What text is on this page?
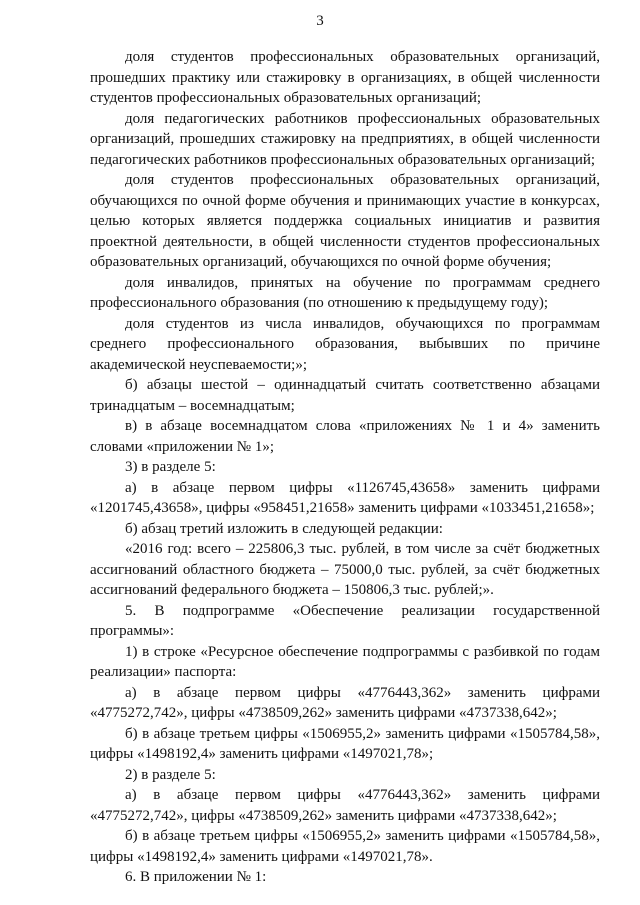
3

доля студентов профессиональных образовательных организаций, прошедших практику или стажировку в организациях, в общей численности студентов профессиональных образовательных организаций;

доля педагогических работников профессиональных образовательных организаций, прошедших стажировку на предприятиях, в общей численности педагогических работников профессиональных образовательных организаций;

доля студентов профессиональных образовательных организаций, обучающихся по очной форме обучения и принимающих участие в конкурсах, целью которых является поддержка социальных инициатив и развития проектной деятельности, в общей численности студентов профессиональных образовательных организаций, обучающихся по очной форме обучения;

доля инвалидов, принятых на обучение по программам среднего профессионального образования (по отношению к предыдущему году);

доля студентов из числа инвалидов, обучающихся по программам среднего профессионального образования, выбывших по причине академической неуспеваемости;»;

б) абзацы шестой – одиннадцатый считать соответственно абзацами тринадцатым – восемнадцатым;

в) в абзаце восемнадцатом слова «приложениях № 1 и 4» заменить словами «приложении № 1»;

3) в разделе 5:

а) в абзаце первом цифры «1126745,43658» заменить цифрами «1201745,43658», цифры «958451,21658» заменить цифрами «1033451,21658»;

б) абзац третий изложить в следующей редакции:

«2016 год: всего – 225806,3 тыс. рублей, в том числе за счёт бюджетных ассигнований областного бюджета – 75000,0 тыс. рублей, за счёт бюджетных ассигнований федерального бюджета – 150806,3 тыс. рублей;».

5. В подпрограмме «Обеспечение реализации государственной программы»:

1) в строке «Ресурсное обеспечение подпрограммы с разбивкой по годам реализации» паспорта:

а) в абзаце первом цифры «4776443,362» заменить цифрами «4775272,742», цифры «4738509,262» заменить цифрами «4737338,642»;

б) в абзаце третьем цифры «1506955,2» заменить цифрами «1505784,58», цифры «1498192,4» заменить цифрами «1497021,78»;

2) в разделе 5:

а) в абзаце первом цифры «4776443,362» заменить цифрами «4775272,742», цифры «4738509,262» заменить цифрами «4737338,642»;

б) в абзаце третьем цифры «1506955,2» заменить цифрами «1505784,58», цифры «1498192,4» заменить цифрами «1497021,78».

6. В приложении № 1:
